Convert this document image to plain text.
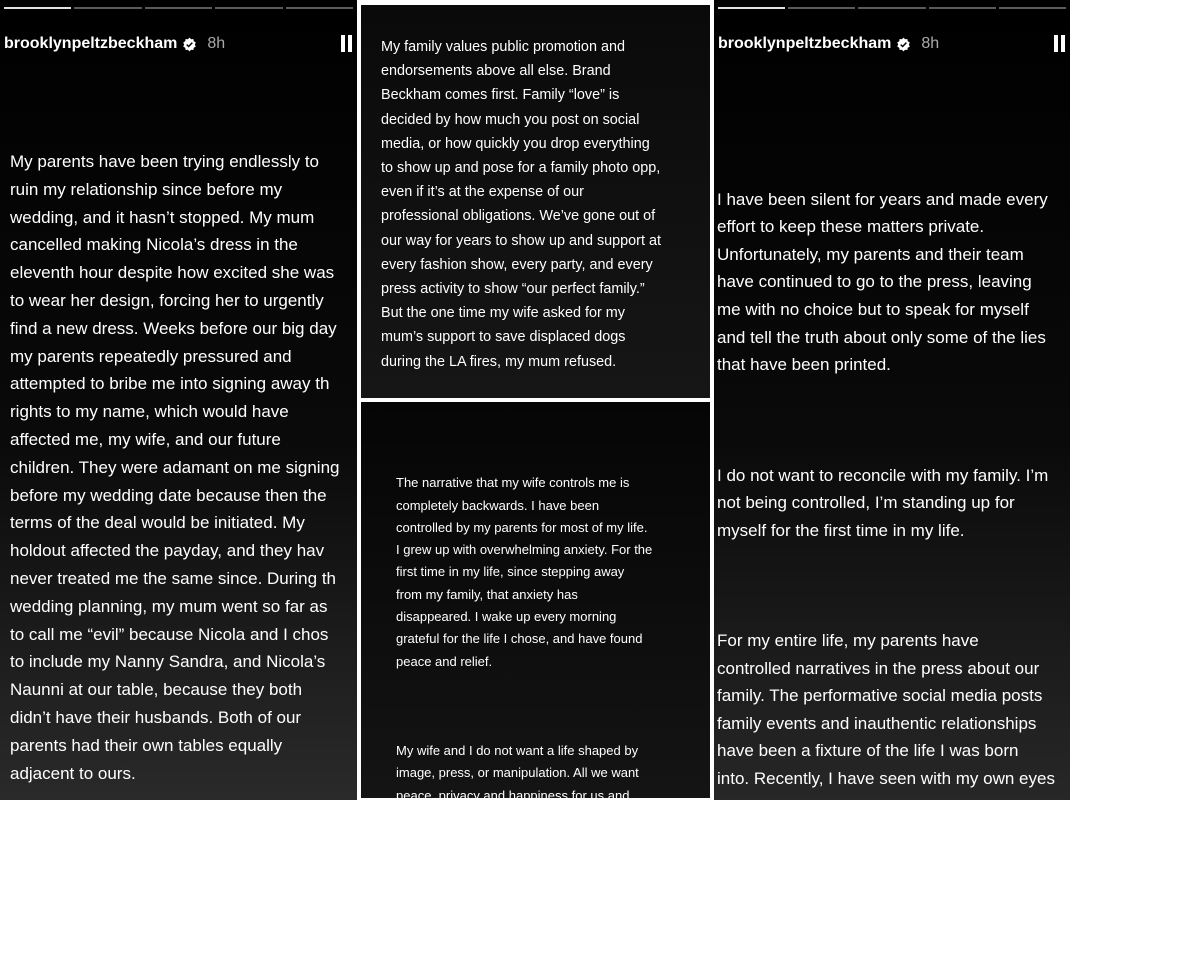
brooklynpeltzbeckham 8h

My parents have been trying endlessly to
ruin my relationship since before my
wedding, and it hasn’t stopped. My mum
cancelled making Nicola’s dress in the
eleventh hour despite how excited she was
to wear her design, forcing her to urgently
find a new dress. Weeks before our big day
my parents repeatedly pressured and
attempted to bribe me into signing away th
rights to my name, which would have
affected me, my wife, and our future
children. They were adamant on me signing
before my wedding date because then the
terms of the deal would be initiated. My
holdout affected the payday, and they hav
never treated me the same since. During th
wedding planning, my mum went so far as
to call me “evil” because Nicola and I chos
to include my Nanny Sandra, and Nicola’s
Naunni at our table, because they both
didn’t have their husbands. Both of our
parents had their own tables equally
adjacent to ours.

My family values public promotion and
endorsements above all else. Brand
Beckham comes first. Family “love” is
decided by how much you post on social
media, or how quickly you drop everything
to show up and pose for a family photo opp,
even if it’s at the expense of our
professional obligations. We’ve gone out of
our way for years to show up and support at
every fashion show, every party, and every
press activity to show “our perfect family.”
But the one time my wife asked for my
mum’s support to save displaced dogs
during the LA fires, my mum refused.

The narrative that my wife controls me is
completely backwards. I have been
controlled by my parents for most of my life.
I grew up with overwhelming anxiety. For the
first time in my life, since stepping away
from my family, that anxiety has
disappeared. I wake up every morning
grateful for the life I chose, and have found
peace and relief.

My wife and I do not want a life shaped by
image, press, or manipulation. All we want
peace, privacy and happiness for us and
our future family.

brooklynpeltzbeckham 8h

I have been silent for years and made every
effort to keep these matters private.
Unfortunately, my parents and their team
have continued to go to the press, leaving
me with no choice but to speak for myself
and tell the truth about only some of the lies
that have been printed.

I do not want to reconcile with my family. I’m
not being controlled, I’m standing up for
myself for the first time in my life.

For my entire life, my parents have
controlled narratives in the press about our
family. The performative social media posts
family events and inauthentic relationships
have been a fixture of the life I was born
into. Recently, I have seen with my own eyes
the lengths that they’ll go through to place
countless lies in the media, mostly at the
expense of innocent people, to preserve
their own facade. But I believe the truth
always comes out.
